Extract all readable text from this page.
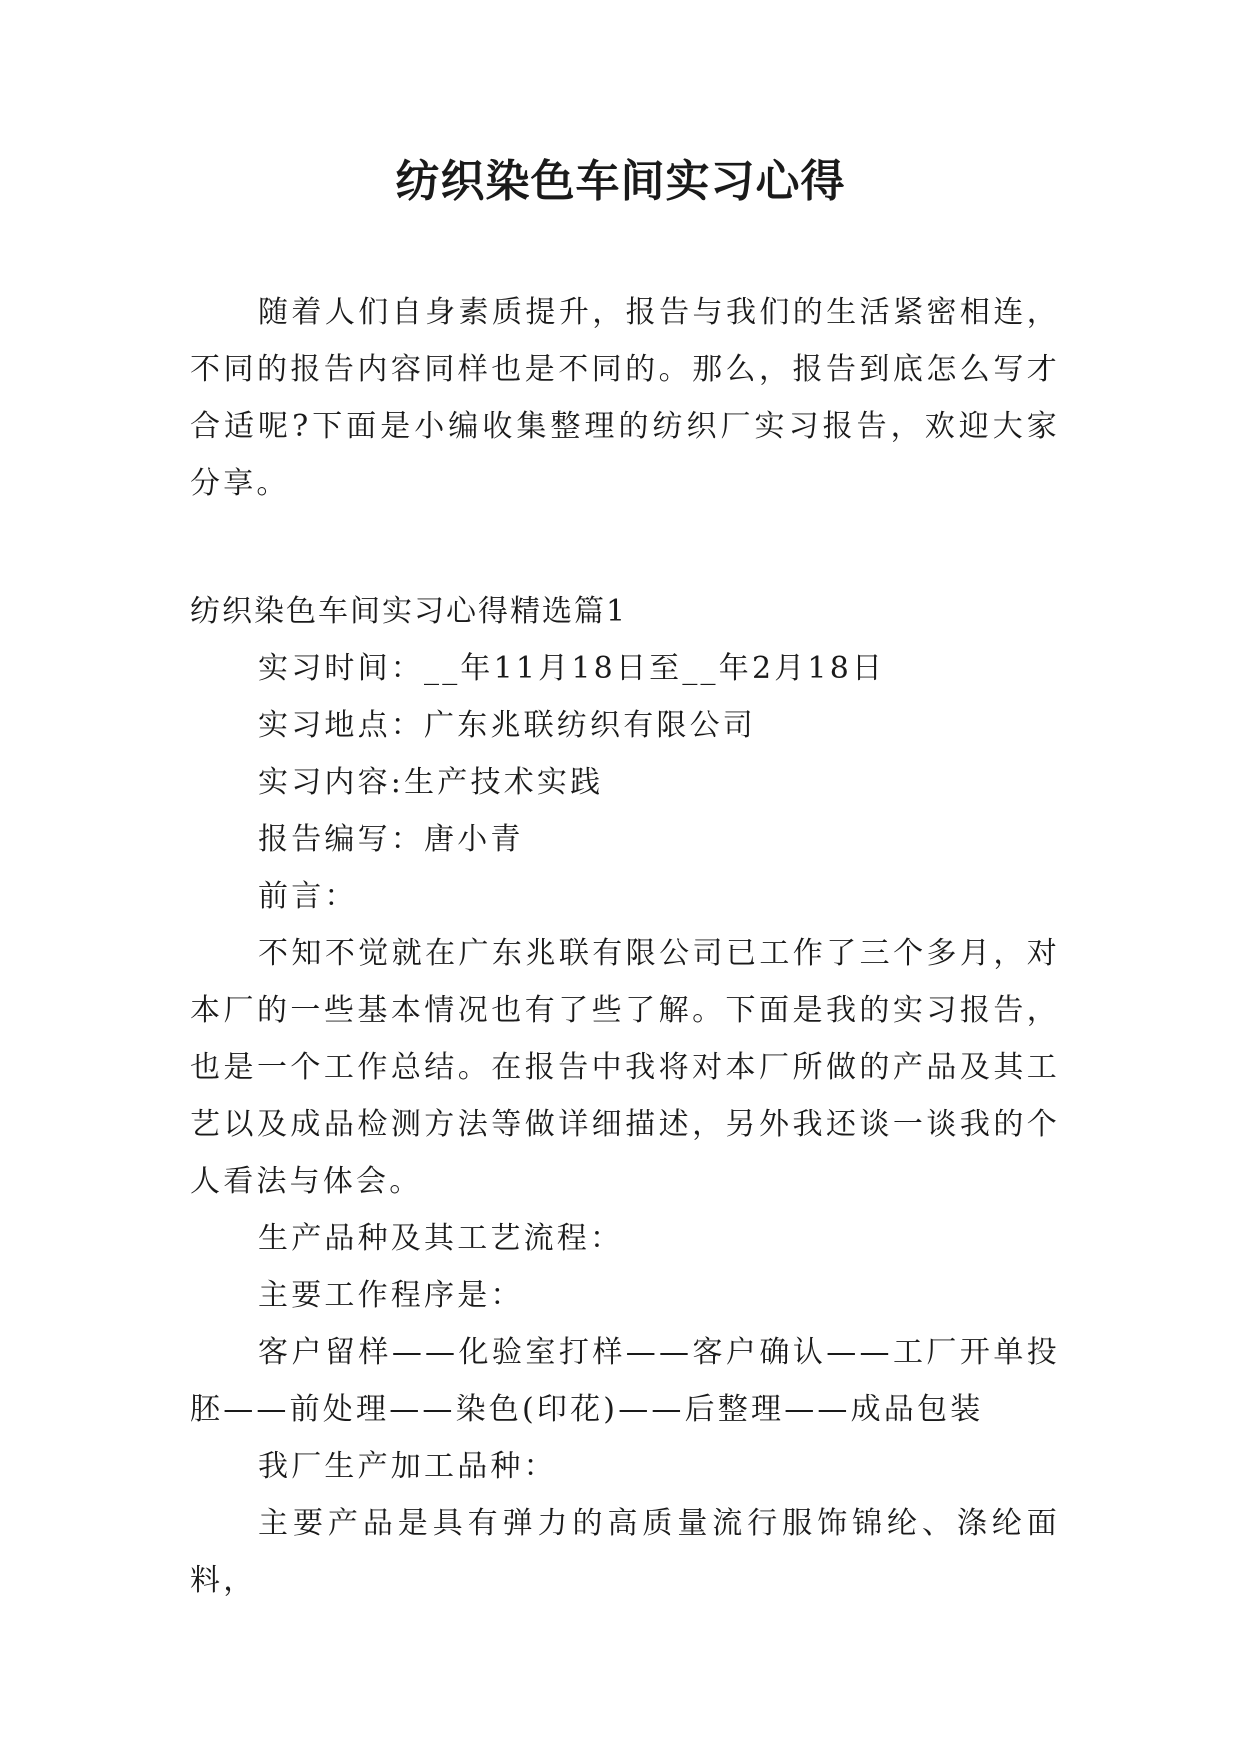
纺织染色车间实习心得

随着人们自身素质提升，报告与我们的生活紧密相连，不同的报告内容同样也是不同的。那么，报告到底怎么写才合适呢?下面是小编收集整理的纺织厂实习报告，欢迎大家分享。

纺织染色车间实习心得精选篇1

实习时间：__年11月18日至__年2月18日

实习地点：广东兆联纺织有限公司

实习内容:生产技术实践

报告编写：唐小青

前言：

不知不觉就在广东兆联有限公司已工作了三个多月，对本厂的一些基本情况也有了些了解。下面是我的实习报告，也是一个工作总结。在报告中我将对本厂所做的产品及其工艺以及成品检测方法等做详细描述，另外我还谈一谈我的个人看法与体会。

生产品种及其工艺流程：

主要工作程序是：

客户留样——化验室打样——客户确认——工厂开单投胚——前处理——染色(印花)——后整理——成品包装

我厂生产加工品种：

主要产品是具有弹力的高质量流行服饰锦纶、涤纶面料，
